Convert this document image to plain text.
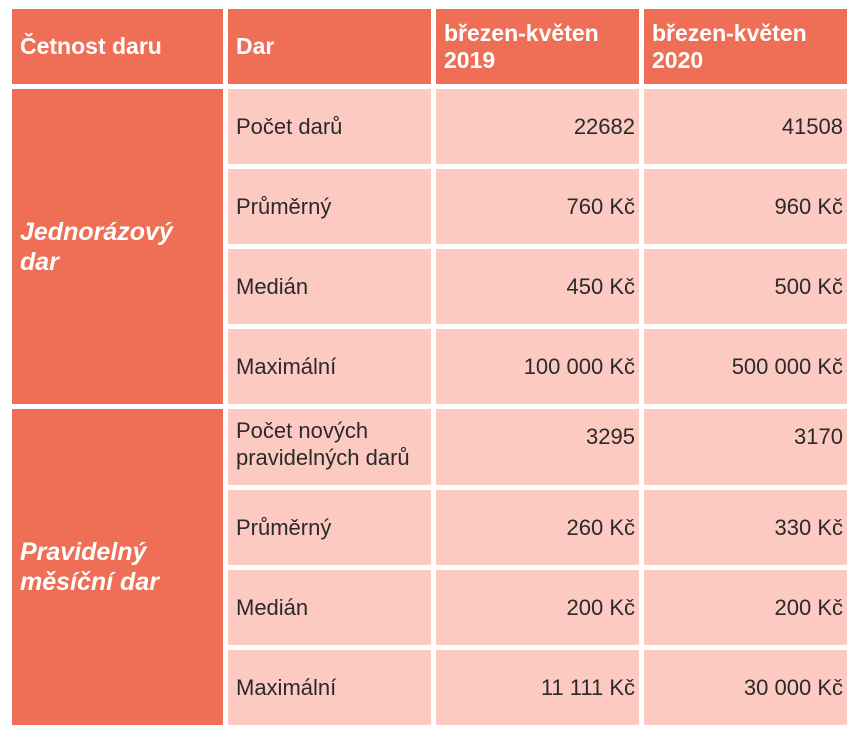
Četnost daru	Dar	březen-květen 2019	březen-květen 2020
Jednorázový dar	Počet darů	22682	41508
	Průměrný	760 Kč	960 Kč
	Medián	450 Kč	500 Kč
	Maximální	100 000 Kč	500 000 Kč
Pravidelný měsíční dar	Počet nových pravidelných darů	3295	3170
	Průměrný	260 Kč	330 Kč
	Medián	200 Kč	200 Kč
	Maximální	11 111 Kč	30 000 Kč
